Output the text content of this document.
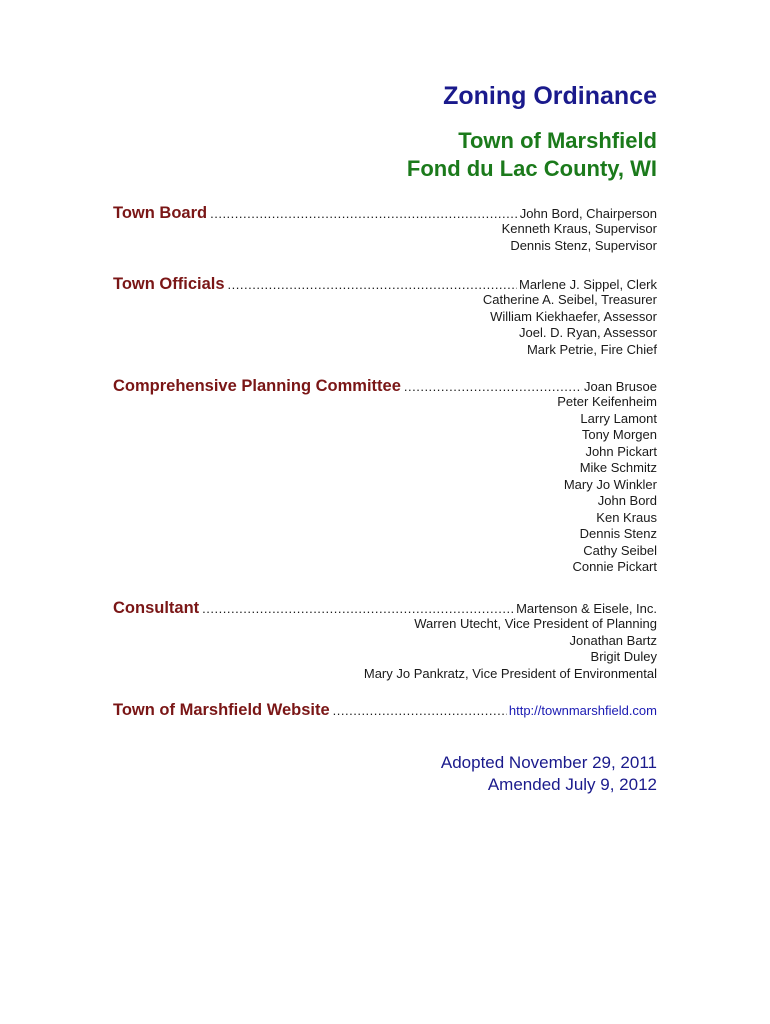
Zoning Ordinance
Town of Marshfield
Fond du Lac County, WI
Town Board .....	John Bord, Chairperson
Kenneth Kraus, Supervisor
Dennis Stenz, Supervisor
Town Officials .....	Marlene J. Sippel, Clerk
Catherine A. Seibel, Treasurer
William Kiekhaefer, Assessor
Joel. D. Ryan, Assessor
Mark Petrie, Fire Chief
Comprehensive Planning Committee .....	Joan Brusoe
Peter Keifenheim
Larry Lamont
Tony Morgen
John Pickart
Mike Schmitz
Mary Jo Winkler
John Bord
Ken Kraus
Dennis Stenz
Cathy Seibel
Connie Pickart
Consultant .....	Martenson & Eisele, Inc.
Warren Utecht, Vice President of Planning
Jonathan Bartz
Brigit Duley
Mary Jo Pankratz, Vice President of Environmental
Town of Marshfield Website .....	http://townmarshfield.com
Adopted November 29, 2011
Amended July 9, 2012
